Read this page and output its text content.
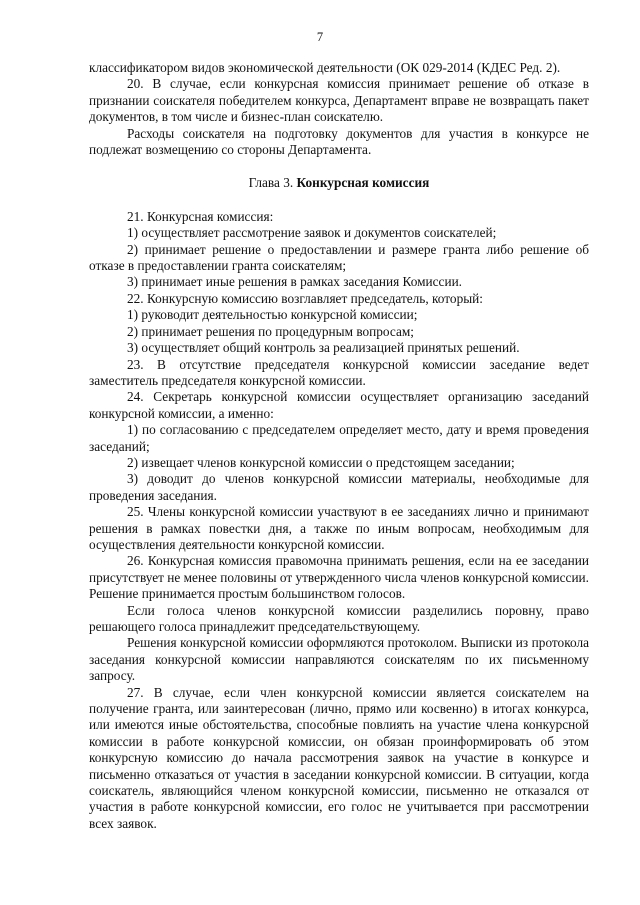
7

классификатором видов экономической деятельности (ОК 029-2014 (КДЕС Ред. 2).

20. В случае, если конкурсная комиссия принимает решение об отказе в признании соискателя победителем конкурса, Департамент вправе не возвращать пакет документов, в том числе и бизнес-план соискателю.

Расходы соискателя на подготовку документов для участия в конкурсе не подлежат возмещению со стороны Департамента.

Глава 3. Конкурсная комиссия

21. Конкурсная комиссия:

1) осуществляет рассмотрение заявок и документов соискателей;

2) принимает решение о предоставлении и размере гранта либо решение об отказе в предоставлении гранта соискателям;

3) принимает иные решения в рамках заседания Комиссии.

22. Конкурсную комиссию возглавляет председатель, который:

1) руководит деятельностью конкурсной комиссии;

2) принимает решения по процедурным вопросам;

3) осуществляет общий контроль за реализацией принятых решений.

23. В отсутствие председателя конкурсной комиссии заседание ведет заместитель председателя конкурсной комиссии.

24. Секретарь конкурсной комиссии осуществляет организацию заседаний конкурсной комиссии, а именно:

1) по согласованию с председателем определяет место, дату и время проведения заседаний;

2) извещает членов конкурсной комиссии о предстоящем заседании;

3) доводит до членов конкурсной комиссии материалы, необходимые для проведения заседания.

25. Члены конкурсной комиссии участвуют в ее заседаниях лично и принимают решения в рамках повестки дня, а также по иным вопросам, необходимым для осуществления деятельности конкурсной комиссии.

26. Конкурсная комиссия правомочна принимать решения, если на ее заседании присутствует не менее половины от утвержденного числа членов конкурсной комиссии. Решение принимается простым большинством голосов.

Если голоса членов конкурсной комиссии разделились поровну, право решающего голоса принадлежит председательствующему.

Решения конкурсной комиссии оформляются протоколом. Выписки из протокола заседания конкурсной комиссии направляются соискателям по их письменному запросу.

27. В случае, если член конкурсной комиссии является соискателем на получение гранта, или заинтересован (лично, прямо или косвенно) в итогах конкурса, или имеются иные обстоятельства, способные повлиять на участие члена конкурсной комиссии в работе конкурсной комиссии, он обязан проинформировать об этом конкурсную комиссию до начала рассмотрения заявок на участие в конкурсе и письменно отказаться от участия в заседании конкурсной комиссии. В ситуации, когда соискатель, являющийся членом конкурсной комиссии, письменно не отказался от участия в работе конкурсной комиссии, его голос не учитывается при рассмотрении всех заявок.
